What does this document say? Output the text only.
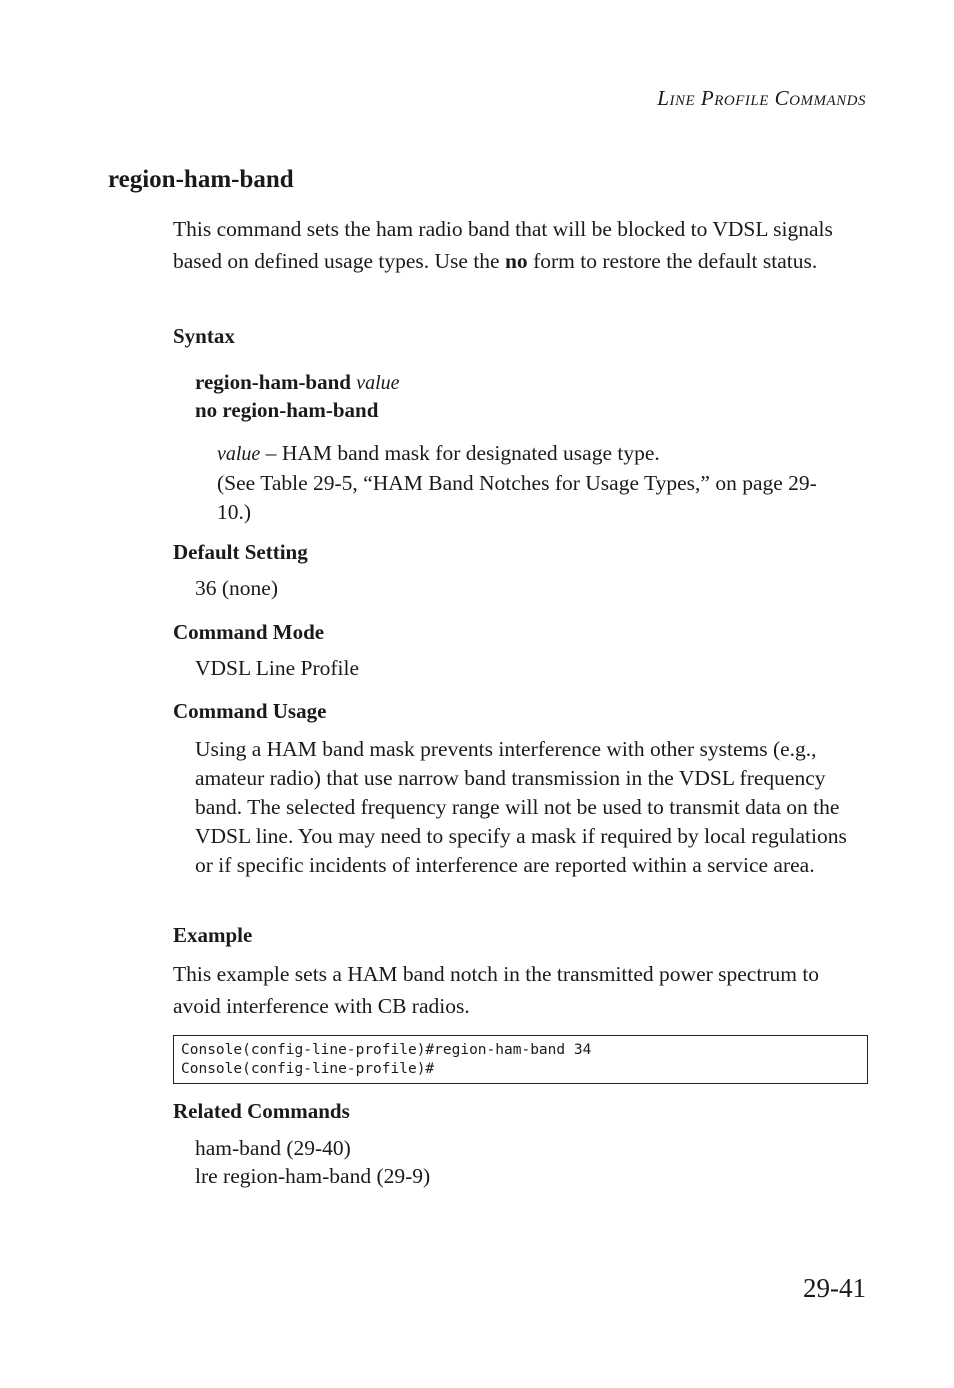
LINE PROFILE COMMANDS
region-ham-band
This command sets the ham radio band that will be blocked to VDSL signals based on defined usage types. Use the no form to restore the default status.
Syntax
region-ham-band value
no region-ham-band
value – HAM band mask for designated usage type.
(See Table 29-5, “HAM Band Notches for Usage Types,” on page 29-10.)
Default Setting
36 (none)
Command Mode
VDSL Line Profile
Command Usage
Using a HAM band mask prevents interference with other systems (e.g., amateur radio) that use narrow band transmission in the VDSL frequency band. The selected frequency range will not be used to transmit data on the VDSL line. You may need to specify a mask if required by local regulations or if specific incidents of interference are reported within a service area.
Example
This example sets a HAM band notch in the transmitted power spectrum to avoid interference with CB radios.
Console(config-line-profile)#region-ham-band 34
Console(config-line-profile)#
Related Commands
ham-band (29-40)
lre region-ham-band (29-9)
29-41
